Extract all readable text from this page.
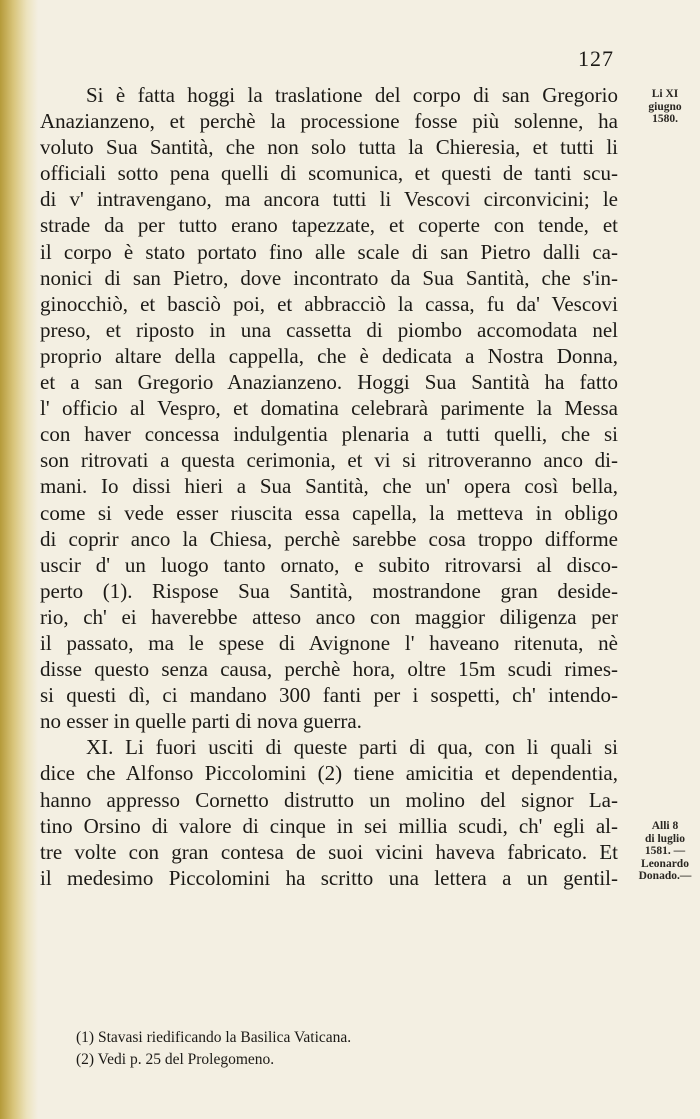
127
Li XI
giugno
1580.
Alli 8
di luglio
1581. —
Leonardo
Donado.—
Si è fatta hoggi la traslatione del corpo di san Gregorio
Anazianzeno, et perchè la processione fosse più solenne, ha
voluto Sua Santità, che non solo tutta la Chieresia, et tutti li
officiali sotto pena quelli di scomunica, et questi de tanti scu-
di v' intravengano, ma ancora tutti li Vescovi circonvicini; le
strade da per tutto erano tapezzate, et coperte con tende, et
il corpo è stato portato fino alle scale di san Pietro dalli ca-
nonici di san Pietro, dove incontrato da Sua Santità, che s'in-
ginocchiò, et basciò poi, et abbracciò la cassa, fu da' Vescovi
preso, et riposto in una cassetta di piombo accomodata nel
proprio altare della cappella, che è dedicata a Nostra Donna,
et a san Gregorio Anazianzeno. Hoggi Sua Santità ha fatto
l' officio al Vespro, et domatina celebrarà parimente la Messa
con haver concessa indulgentia plenaria a tutti quelli, che si
son ritrovati a questa cerimonia, et vi si ritroveranno anco di-
mani. Io dissi hieri a Sua Santità, che un' opera così bella,
come si vede esser riuscita essa capella, la metteva in obligo
di coprir anco la Chiesa, perchè sarebbe cosa troppo difforme
uscir d' un luogo tanto ornato, e subito ritrovarsi al disco-
perto (1). Rispose Sua Santità, mostrandone gran deside-
rio, ch' ei haverebbe atteso anco con maggior diligenza per
il passato, ma le spese di Avignone l' haveano ritenuta, nè
disse questo senza causa, perchè hora, oltre 15m scudi rimes-
si questi dì, ci mandano 300 fanti per i sospetti, ch' intendo-
no esser in quelle parti di nova guerra.
XI. Li fuori usciti di queste parti di qua, con li quali si
dice che Alfonso Piccolomini (2) tiene amicitia et dependentia,
hanno appresso Cornetto distrutto un molino del signor La-
tino Orsino di valore di cinque in sei millia scudi, ch' egli al-
tre volte con gran contesa de suoi vicini haveva fabricato. Et
il medesimo Piccolomini ha scritto una lettera a un gentil-
(1) Stavasi riedificando la Basilica Vaticana.
(2) Vedi p. 25 del Prolegomeno.
